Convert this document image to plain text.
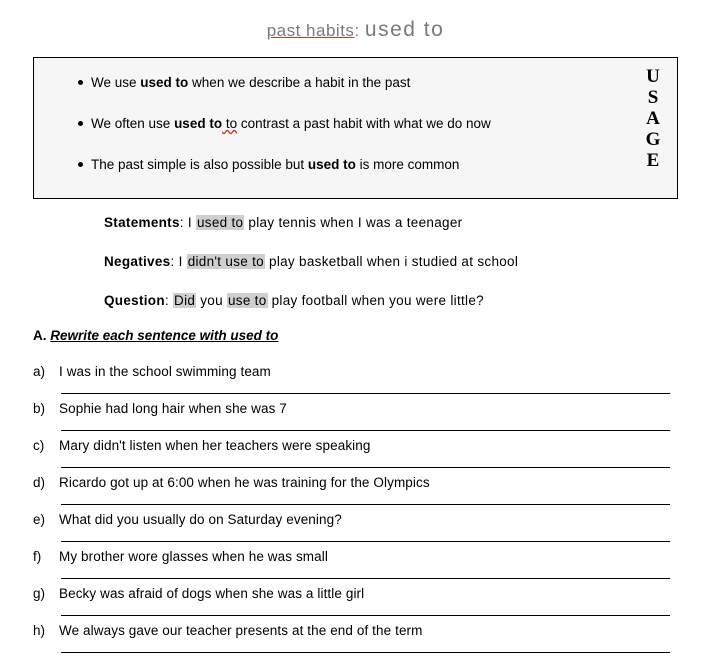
past habits: used to
We use used to when we describe a habit in the past
We often use used to to contrast a past habit with what we do now
The past simple is also possible but used to is more common
U
S
A
G
E
Statements: I used to play tennis when I was a teenager
Negatives: I didn't use to play basketball when i studied at school
Question: Did you use to play football when you were little?
A. Rewrite each sentence with used to
a)	I was in the school swimming team
b)	Sophie had long hair when she was 7
c)	Mary didn't listen when her teachers were speaking
d)	Ricardo got up at 6:00 when he was training for the Olympics
e)	What did you usually do on Saturday evening?
f)	My brother wore glasses when he was small
g)	Becky was afraid of dogs when she was a little girl
h)	We always gave our teacher presents at the end of the term
